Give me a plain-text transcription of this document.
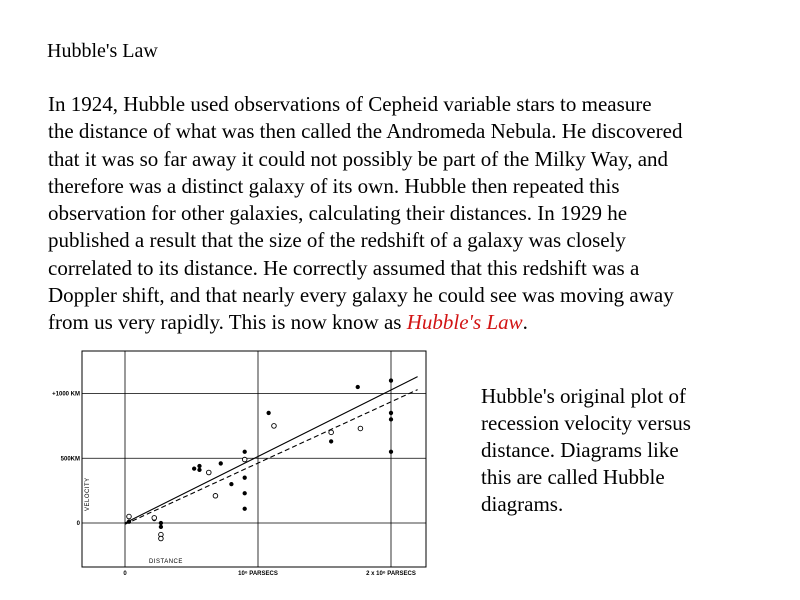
Hubble's Law

In 1924, Hubble used observations of Cepheid variable stars to measure

the distance of what was then called the Andromeda Nebula. He discovered

that it was so far away it could not possibly be part of the Milky Way, and

therefore was a distinct galaxy of its own. Hubble then repeated this

observation for other galaxies, calculating their distances. In 1929 he

published a result that the size of the redshift of a galaxy was closely

correlated to its distance. He correctly assumed that this redshift was a

Doppler shift, and that nearly every galaxy he could see was moving away

from us very rapidly. This is now know as Hubble's Law.

0
500KM
+1000 KM
0	10⁶ PARSECS	2 x 10⁶ PARSECS
DISTANCE
VELOCITY
Hubble's original plot of
recession velocity versus
distance. Diagrams like
this are called Hubble
diagrams.
